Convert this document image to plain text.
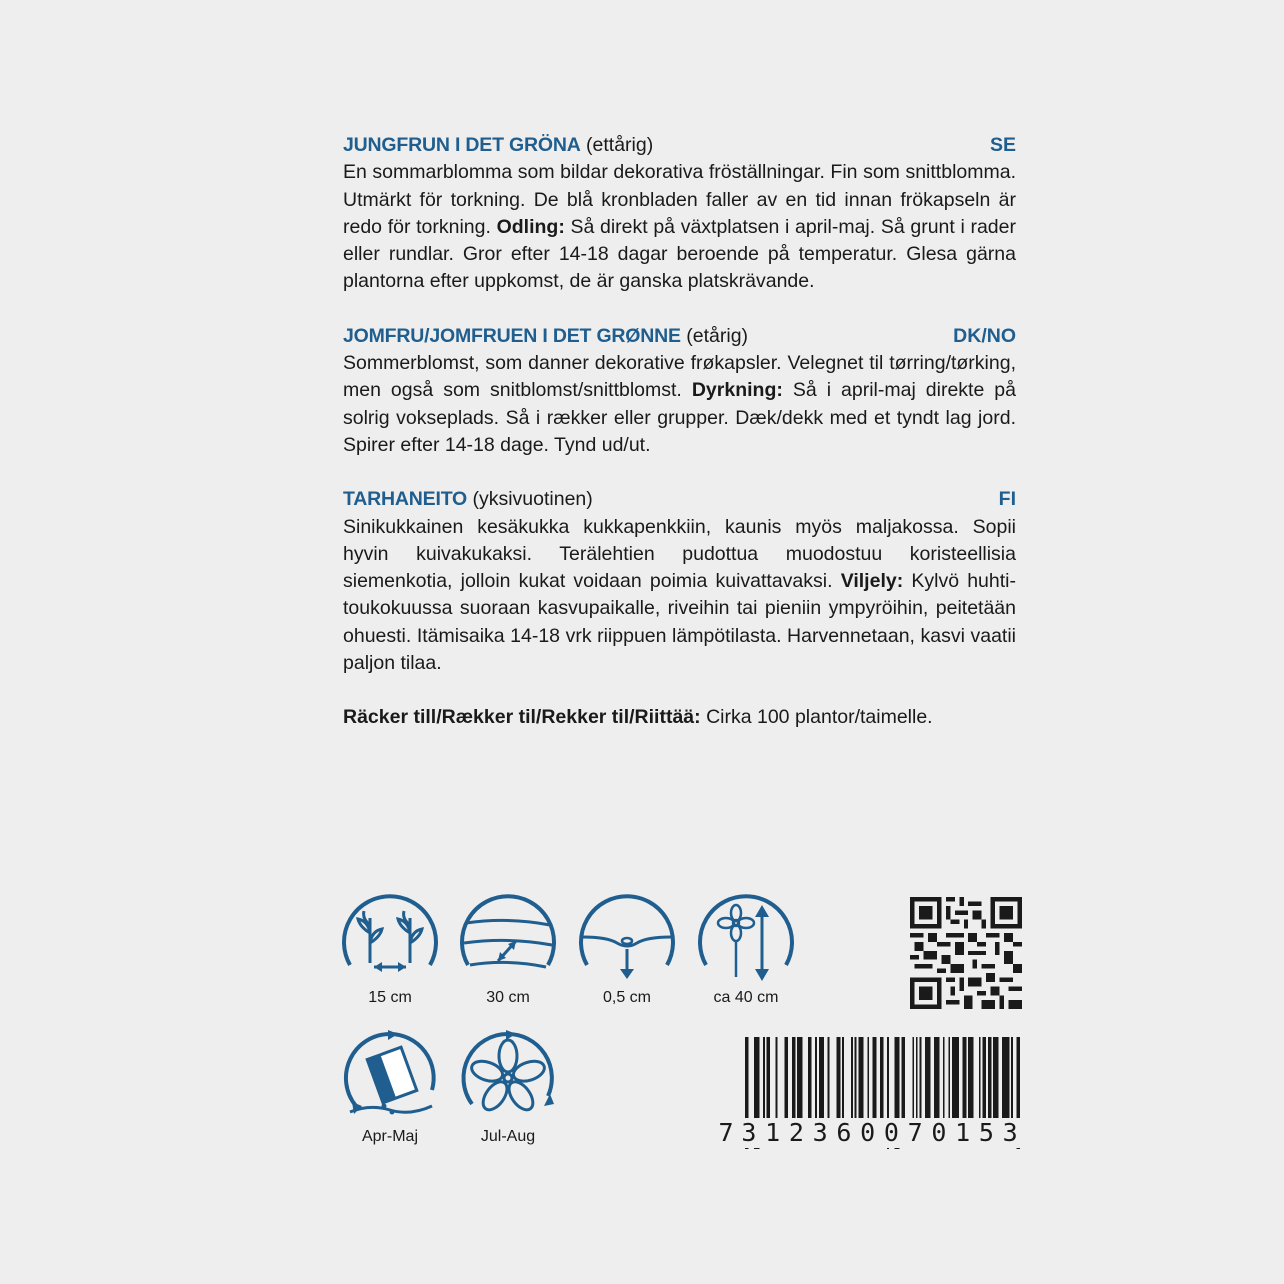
JUNGFRUN I DET GRÖNA (ettårig)	SE
En sommarblomma som bildar dekorativa fröställningar. Fin som snittblomma. Utmärkt för torkning. De blå kronbladen faller av en tid innan frökapseln är redo för torkning. Odling: Så direkt på växtplatsen i april-maj. Så grunt i rader eller rundlar. Gror efter 14-18 dagar beroende på temperatur. Glesa gärna plantorna efter uppkomst, de är ganska platskrävande.
JOMFRU/JOMFRUEN I DET GRØNNE (etårig)	DK/NO
Sommerblomst, som danner dekorative frøkapsler. Velegnet til tørring/tørking, men også som snitblomst/snittblomst. Dyrkning: Så i april-maj direkte på solrig vokseplads. Så i rækker eller grupper. Dæk/dekk med et tyndt lag jord. Spirer efter 14-18 dage. Tynd ud/ut.
TARHANEITO (yksivuotinen)	FI
Sinikukkainen kesäkukka kukkapenkkiin, kaunis myös maljakossa. Sopii hyvin kuivakukaksi. Terälehtien pudottua muodostuu koristeellisia siemenkotia, jolloin kukat voidaan poimia kuivattavaksi. Viljely: Kylvö huhti-toukokuussa suoraan kasvupaikalle, riveihin tai pieniin ympyröihin, peitetään ohuesti. Itämisaika 14-18 vrk riippuen lämpötilasta. Harvennetaan, kasvi vaatii paljon tilaa.
Räcker till/Rækker til/Rekker til/Riittää: Cirka 100 plantor/taimelle.
15 cm	30 cm	0,5 cm	ca 40 cm
Apr-Maj	Jul-Aug	7 3 1 2 3 6 0 0 7 0 1 5 3
